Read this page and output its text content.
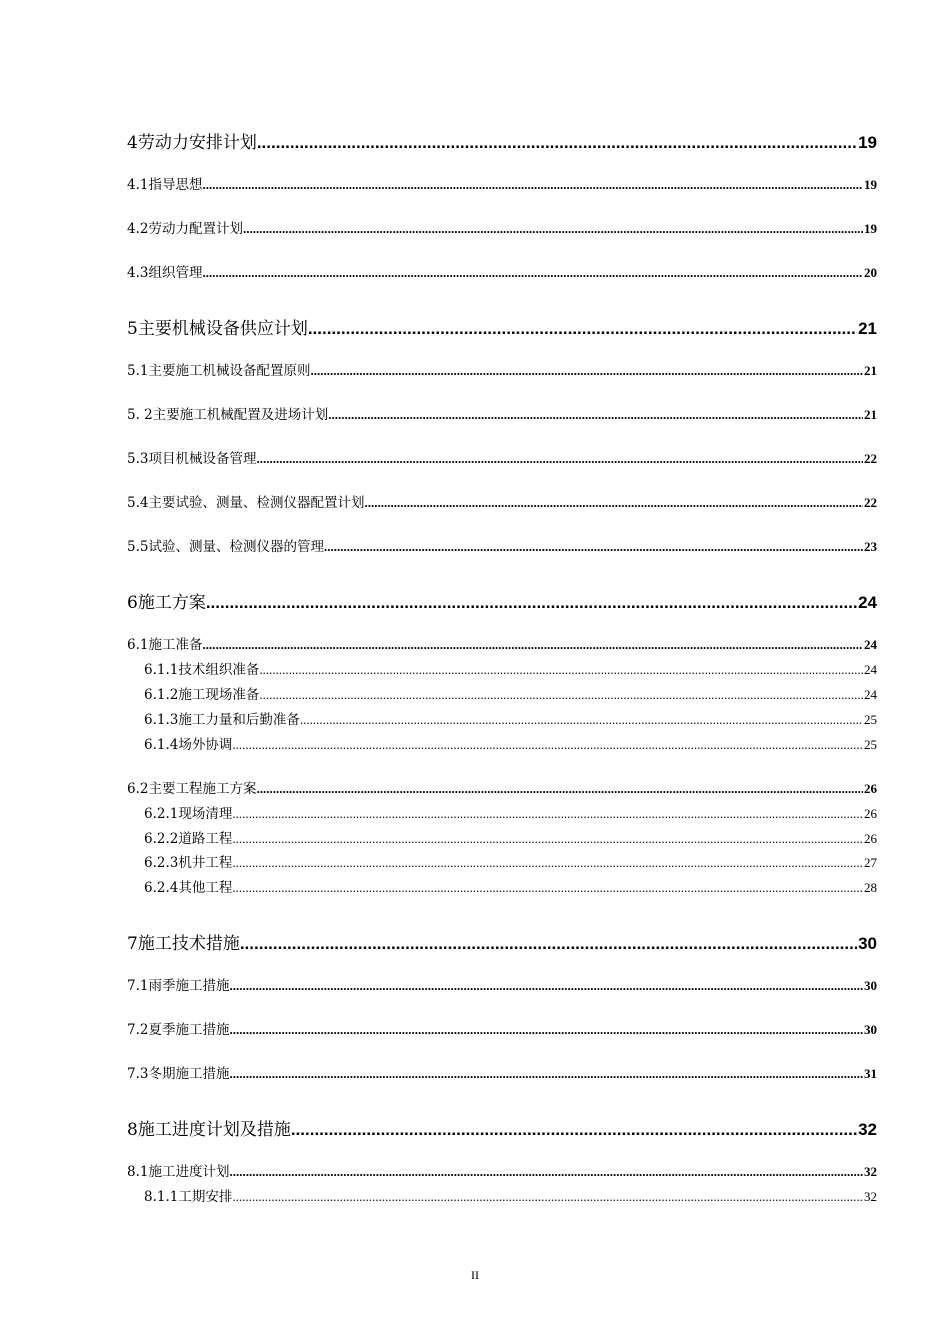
4 劳动力安排计划 .....	19
4.1 指导思想 .....	19
4.2 劳动力配置计划 .....	19
4.3 组织管理 .....	20
5 主要机械设备供应计划 .....	21
5.1 主要施工机械设备配置原则 .....	21
5. 2 主要施工机械配置及进场计划 .....	21
5.3 项目机械设备管理 .....	22
5.4 主要试验、测量、检测仪器配置计划 .....	22
5.5 试验、测量、检测仪器的管理 .....	23
6 施工方案 .....	24
6.1 施工准备 .....	24
6.1.1 技术组织准备 .....	24
6.1.2 施工现场准备 .....	24
6.1.3 施工力量和后勤准备 .....	25
6.1.4 场外协调 .....	25
6.2 主要工程施工方案 .....	26
6.2.1 现场清理 .....	26
6.2.2 道路工程 .....	26
6.2.3 机井工程 .....	27
6.2.4 其他工程 .....	28
7 施工技术措施 .....	30
7.1 雨季施工措施 .....	30
7.2 夏季施工措施 .....	30
7.3 冬期施工措施 .....	31
8 施工进度计划及措施 .....	32
8.1 施工进度计划 .....	32
8.1.1 工期安排 .....	32
II
